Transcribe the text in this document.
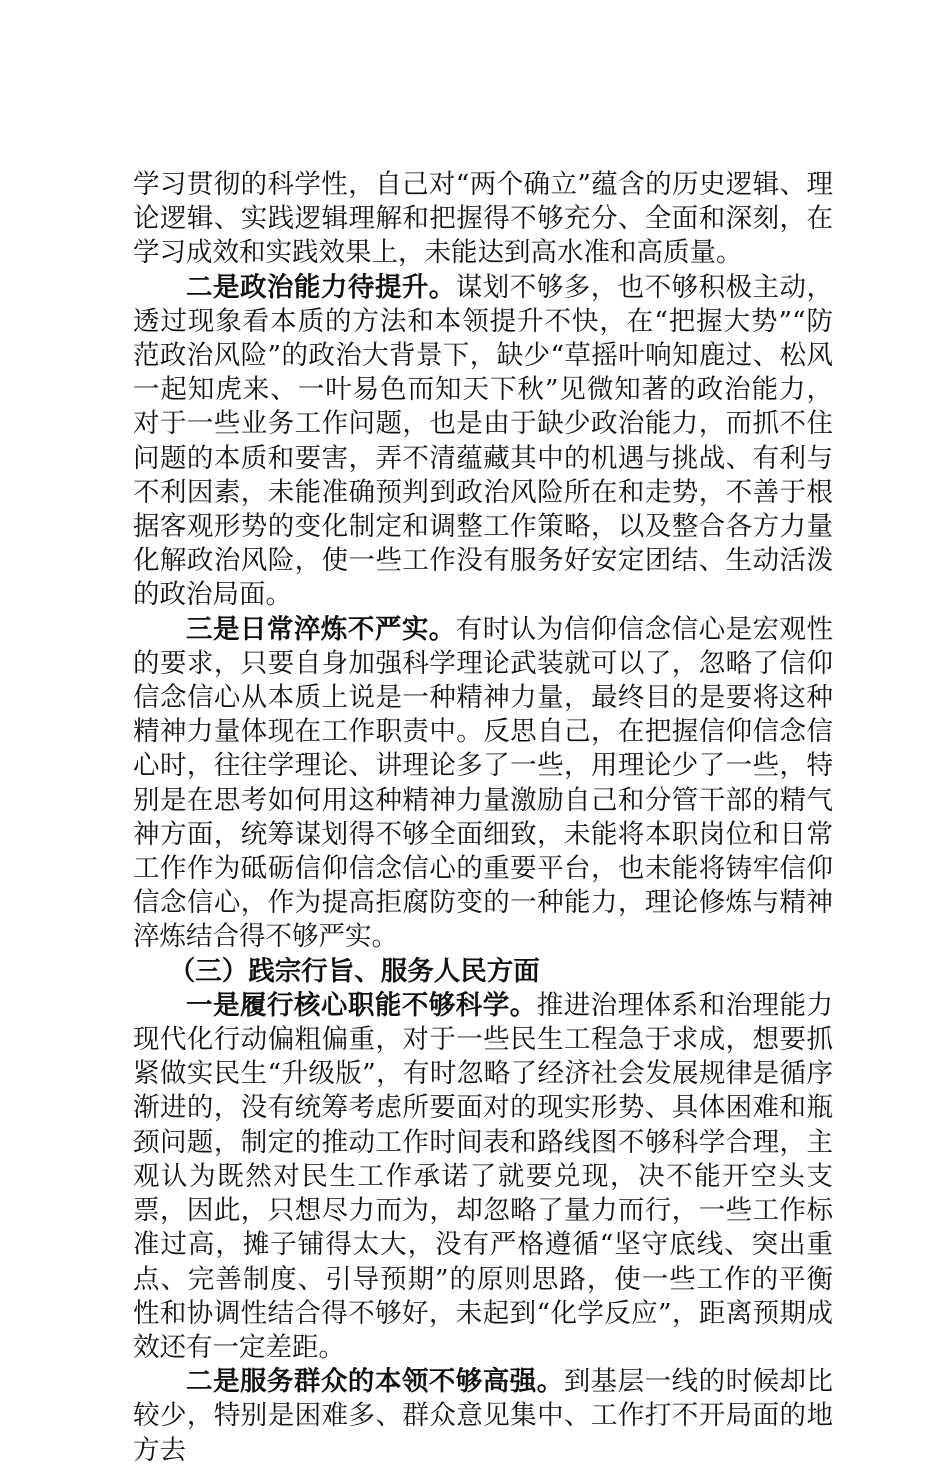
学习贯彻的科学性，自己对“两个确立”蕴含的历史逻辑、理论逻辑、实践逻辑理解和把握得不够充分、全面和深刻，在学习成效和实践效果上，未能达到高水准和高质量。

二是政治能力待提升。谋划不够多，也不够积极主动，透过现象看本质的方法和本领提升不快，在“把握大势”“防范政治风险”的政治大背景下，缺少“草摇叶响知鹿过、松风一起知虎来、一叶易色而知天下秋”见微知著的政治能力，对于一些业务工作问题，也是由于缺少政治能力，而抓不住问题的本质和要害，弄不清蕴藏其中的机遇与挑战、有利与不利因素，未能准确预判到政治风险所在和走势，不善于根据客观形势的变化制定和调整工作策略，以及整合各方力量化解政治风险，使一些工作没有服务好安定团结、生动活泼的政治局面。

三是日常淬炼不严实。有时认为信仰信念信心是宏观性的要求，只要自身加强科学理论武装就可以了，忽略了信仰信念信心从本质上说是一种精神力量，最终目的是要将这种精神力量体现在工作职责中。反思自己，在把握信仰信念信心时，往往学理论、讲理论多了一些，用理论少了一些，特别是在思考如何用这种精神力量激励自己和分管干部的精气神方面，统筹谋划得不够全面细致，未能将本职岗位和日常工作作为砥砺信仰信念信心的重要平台，也未能将铸牢信仰信念信心，作为提高拒腐防变的一种能力，理论修炼与精神淬炼结合得不够严实。

（三）践宗行旨、服务人民方面

一是履行核心职能不够科学。推进治理体系和治理能力现代化行动偏粗偏重，对于一些民生工程急于求成，想要抓紧做实民生“升级版”，有时忽略了经济社会发展规律是循序渐进的，没有统筹考虑所要面对的现实形势、具体困难和瓶颈问题，制定的推动工作时间表和路线图不够科学合理，主观认为既然对民生工作承诺了就要兑现，决不能开空头支票，因此，只想尽力而为，却忽略了量力而行，一些工作标准过高，摊子铺得太大，没有严格遵循“坚守底线、突出重点、完善制度、引导预期”的原则思路，使一些工作的平衡性和协调性结合得不够好，未起到“化学反应”，距离预期成效还有一定差距。

二是服务群众的本领不够高强。到基层一线的时候却比较少，特别是困难多、群众意见集中、工作打不开局面的地方去
